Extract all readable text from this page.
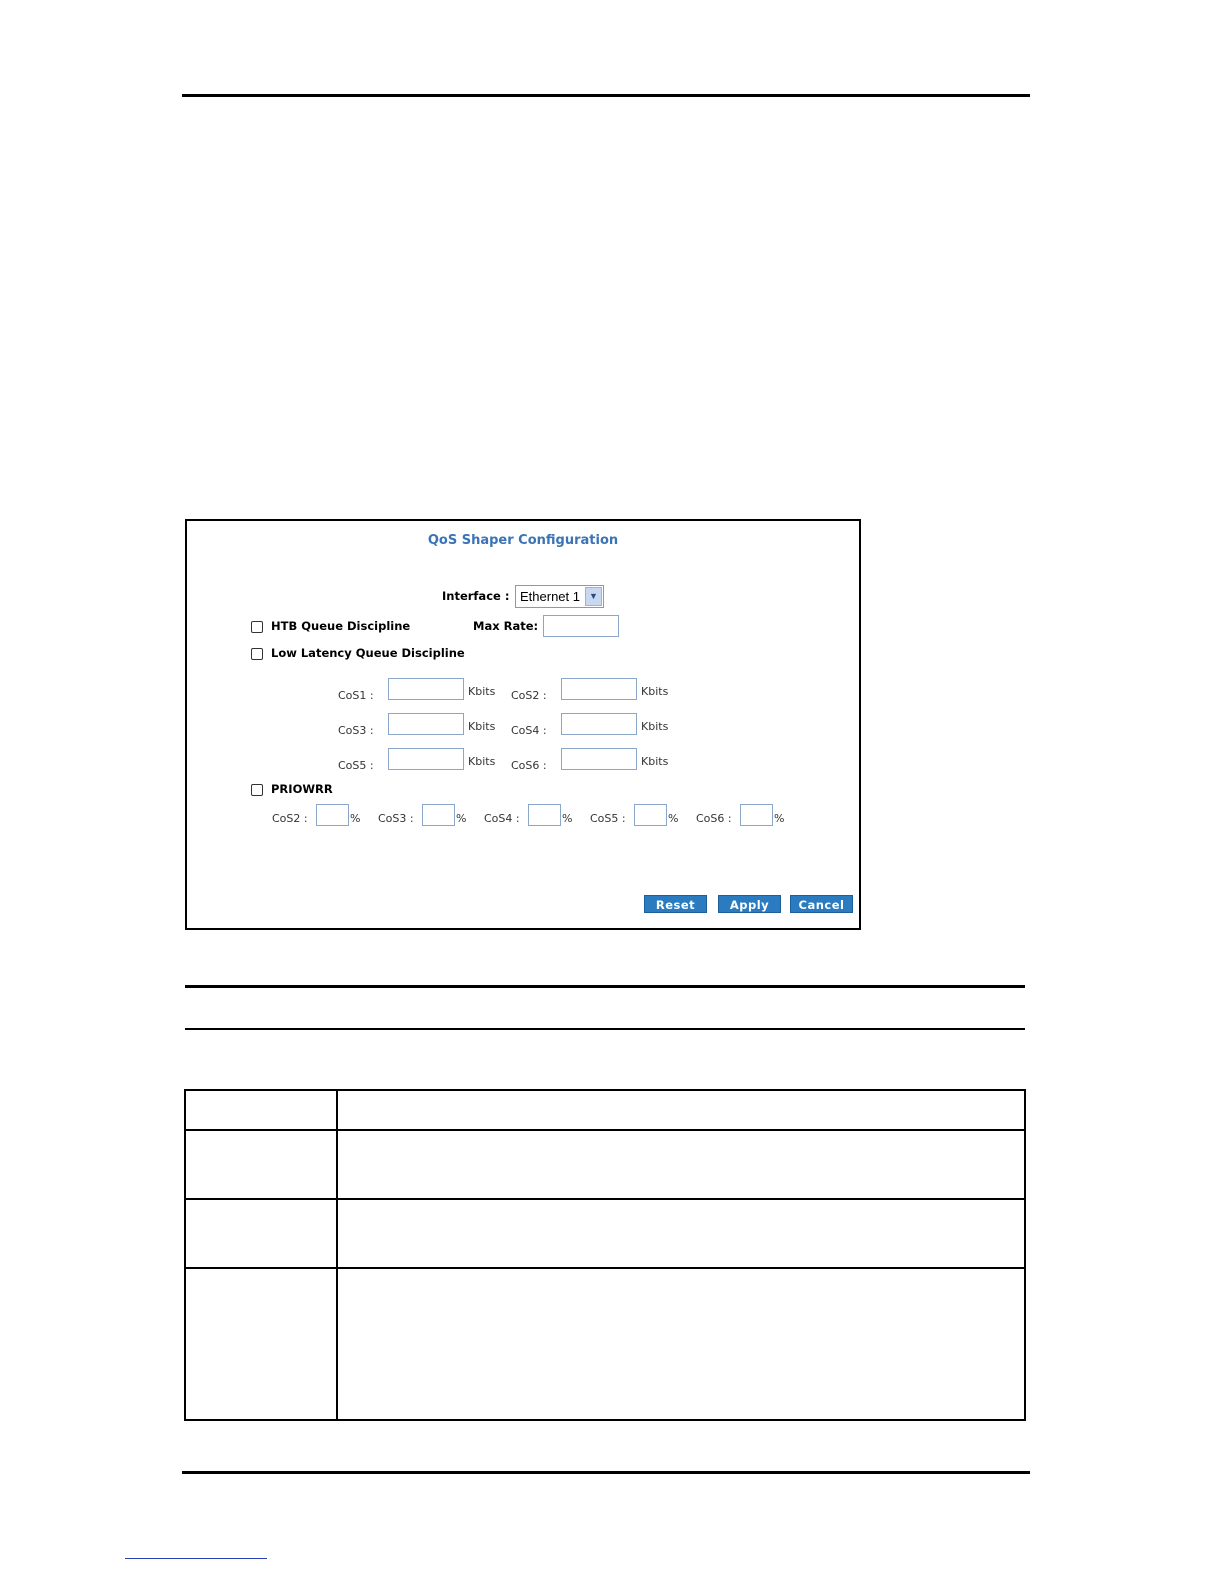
QoS Shaper Configuration
Interface : Ethernet 1	▼
HTB Queue Discipline	Max Rate:
Low Latency Queue Discipline
CoS1 :	Kbits CoS2 :	Kbits
CoS3 :	Kbits CoS4 :	Kbits
CoS5 :	Kbits CoS6 :	Kbits
PRIOWRR
CoS2 :	% CoS3 :	% CoS4 :	% CoS5 :	% CoS6 :	%
Reset	Apply	Cancel
